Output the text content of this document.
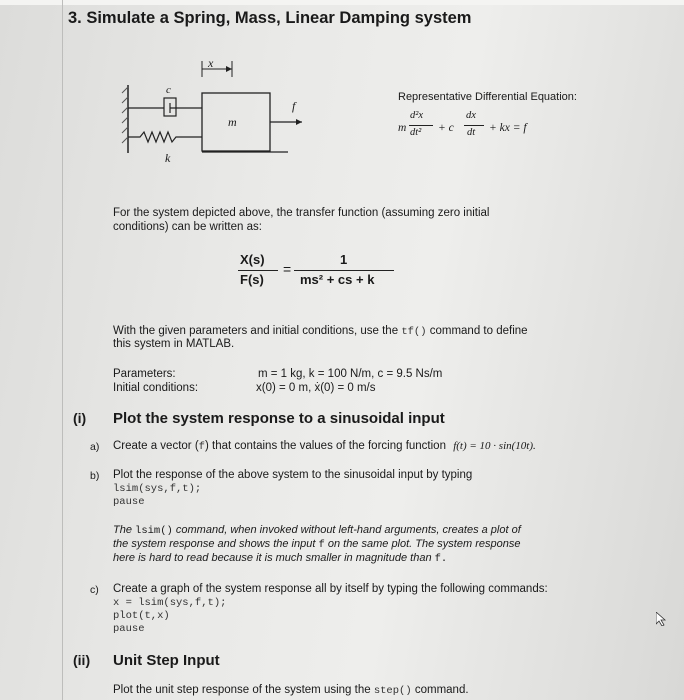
3. Simulate a Spring, Mass, Linear Damping system
x
c
m
f
k
Representative Differential Equation:
m
d²x
dt² + c
dx
dt + kx = f
For the system depicted above, the transfer function (assuming zero initial
conditions) can be written as:
X(s)
F(s)
=
1
ms² + cs + k
With the given parameters and initial conditions, use the tf() command to define
this system in MATLAB.
Parameters:	m = 1 kg, k = 100 N/m, c = 9.5 Ns/m
Initial conditions:	x(0) = 0 m, ẋ(0) = 0 m/s
(i) Plot the system response to a sinusoidal input
a) Create a vector (f) that contains the values of the forcing function f(t) = 10 · sin(10t).
b) Plot the response of the above system to the sinusoidal input by typing
lsim(sys,f,t);
pause
The lsim() command, when invoked without left-hand arguments, creates a plot of
the system response and shows the input f on the same plot. The system response
here is hard to read because it is much smaller in magnitude than f.
c) Create a graph of the system response all by itself by typing the following commands:
x = lsim(sys,f,t);
plot(t,x)
pause
(ii) Unit Step Input
Plot the unit step response of the system using the step() command.
